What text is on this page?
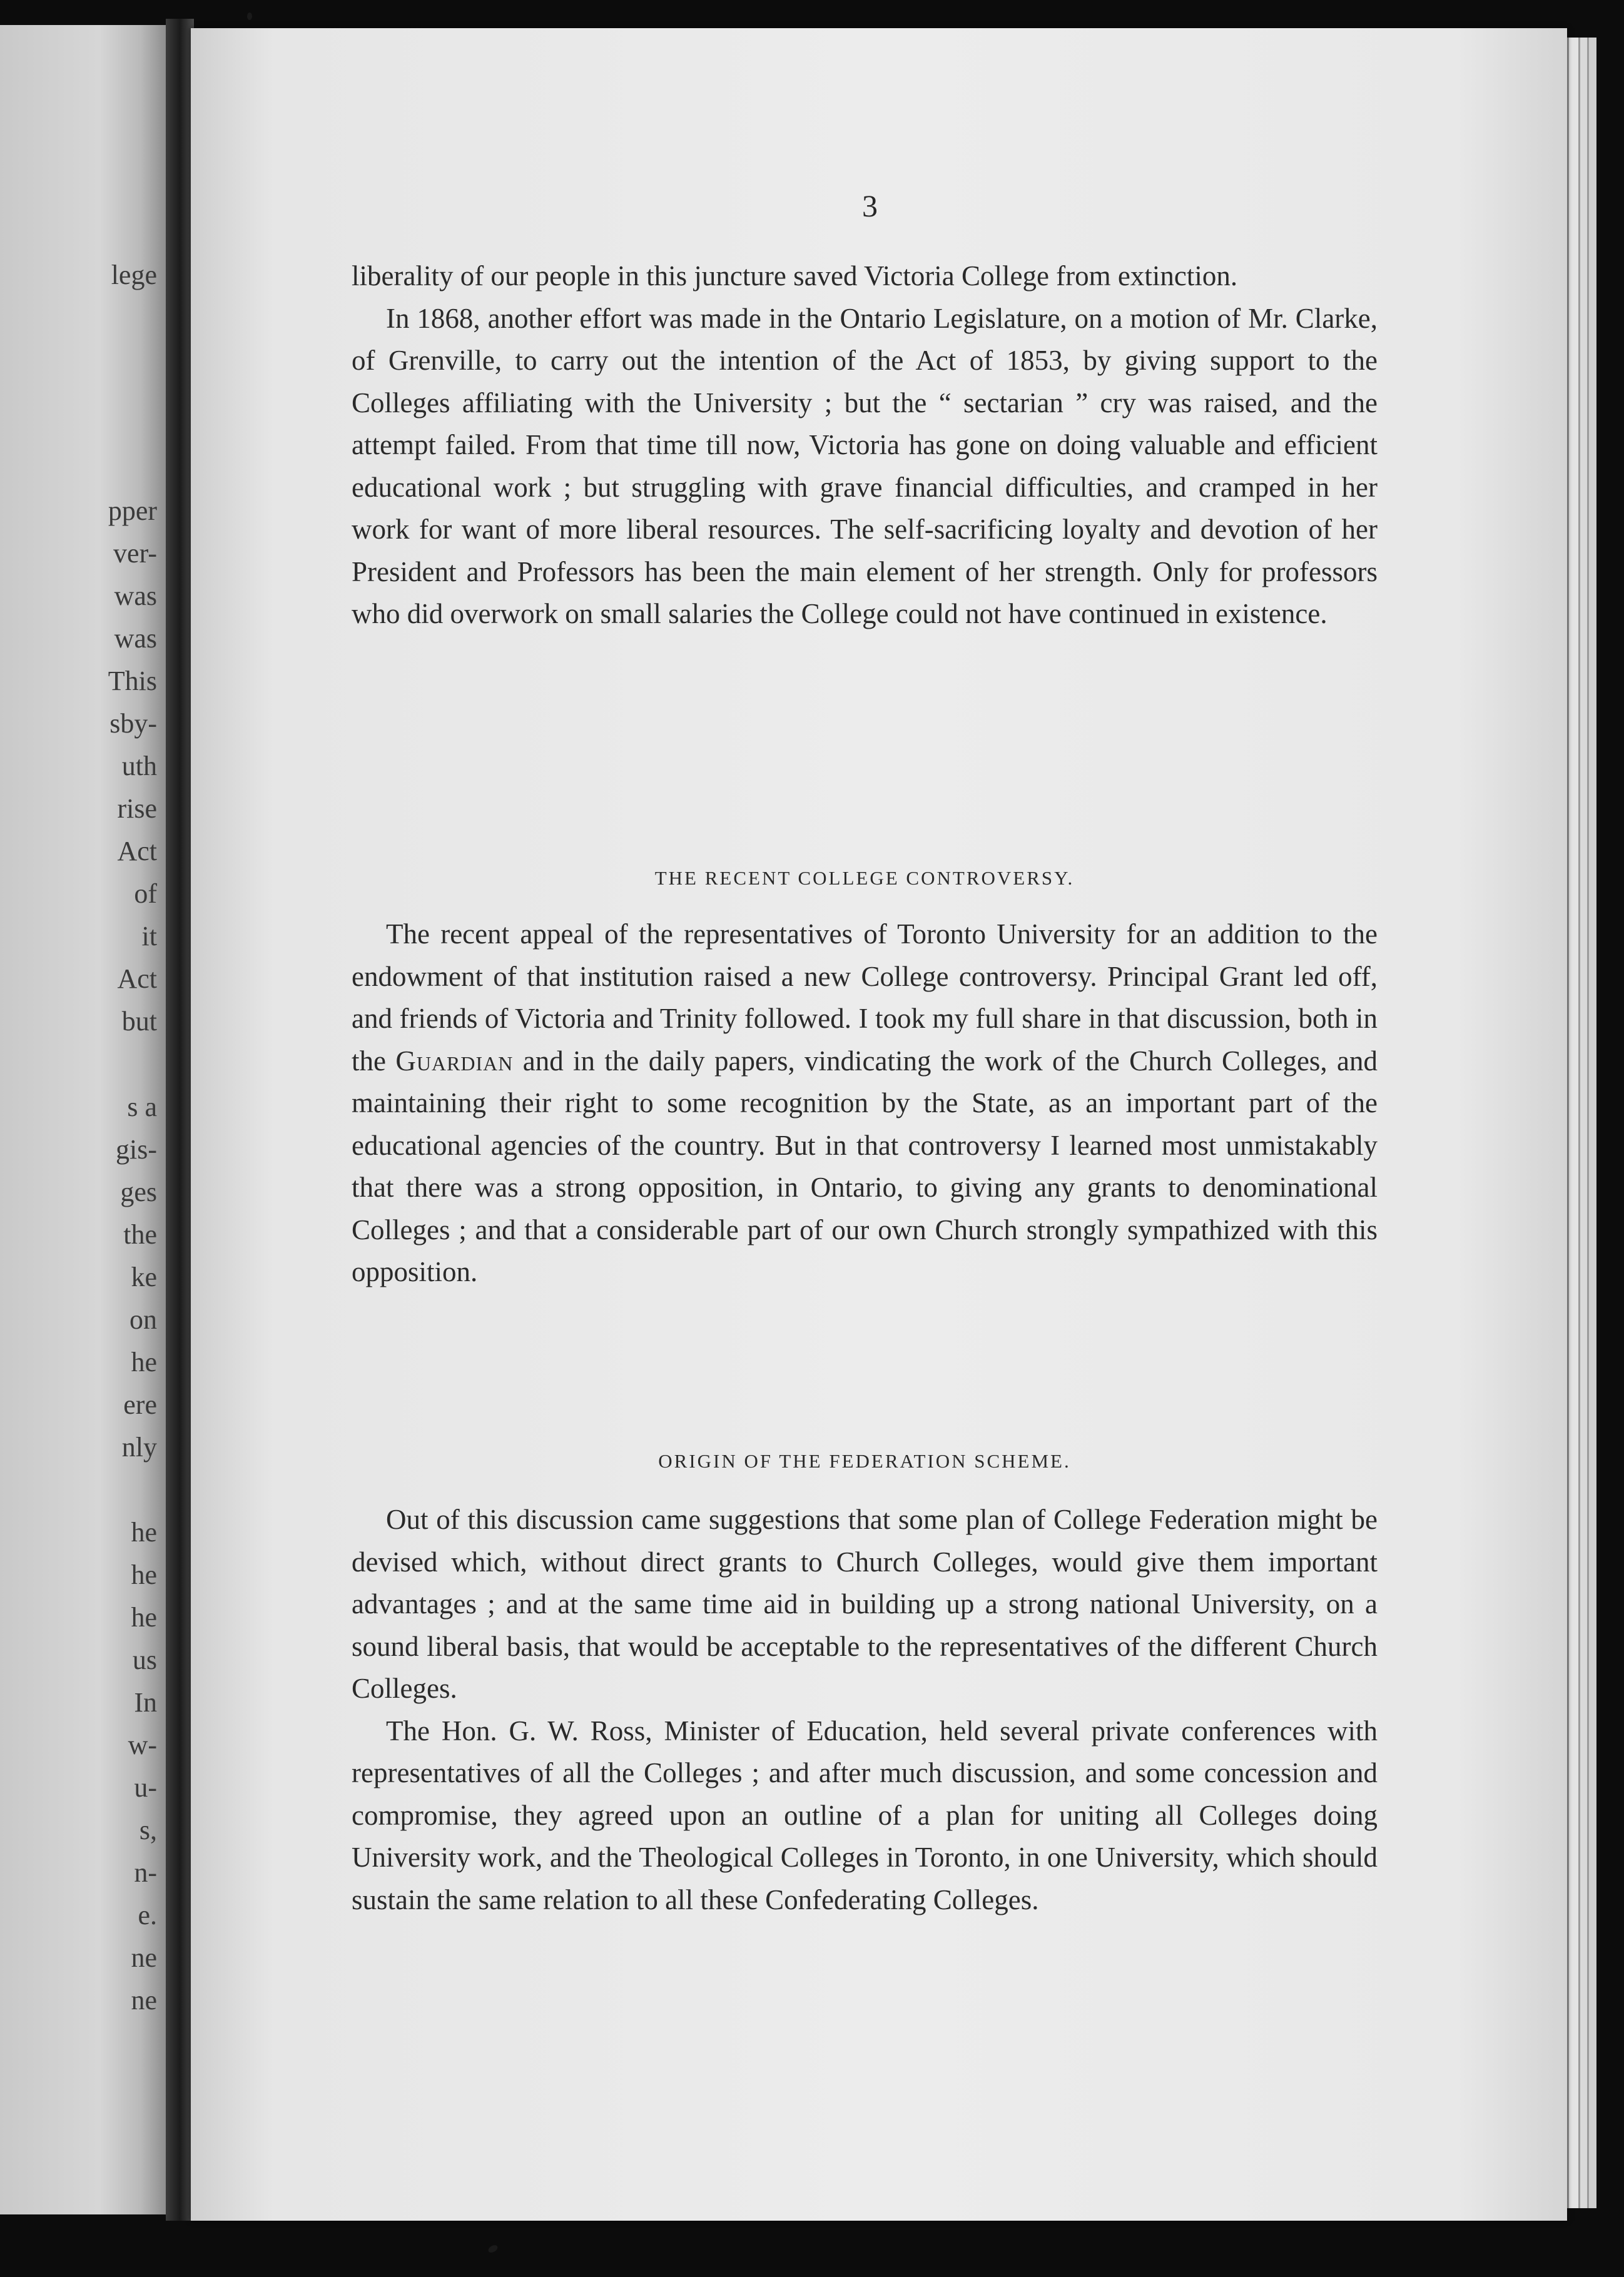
lege
pper
ver-
was
was
This
sby-
uth
rise
Act
of
it
Act
but
s a
gis-
ges
the
ke
on
he
ere
nly
he
he
he
us
In
w-
u-
s,
n-
e.
ne
ne
3

liberality of our people in this juncture saved Victoria College from extinction.

In 1868, another effort was made in the Ontario Legislature, on a motion of Mr. Clarke, of Grenville, to carry out the intention of the Act of 1853, by giving support to the Colleges affiliating with the University ; but the “ sectarian ” cry was raised, and the attempt failed. From that time till now, Victoria has gone on doing valuable and efficient educational work ; but struggling with grave financial difficulties, and cramped in her work for want of more liberal resources. The self-sacrificing loyalty and devotion of her President and Professors has been the main element of her strength. Only for professors who did overwork on small salaries the College could not have continued in existence.

THE RECENT COLLEGE CONTROVERSY.

The recent appeal of the representatives of Toronto University for an addition to the endowment of that institution raised a new College controversy. Principal Grant led off, and friends of Victoria and Trinity followed. I took my full share in that discussion, both in the Guardian and in the daily papers, vindicating the work of the Church Colleges, and maintaining their right to some recognition by the State, as an important part of the educational agencies of the country. But in that controversy I learned most unmistakably that there was a strong opposition, in Ontario, to giving any grants to denominational Colleges ; and that a considerable part of our own Church strongly sympathized with this opposition.

ORIGIN OF THE FEDERATION SCHEME.

Out of this discussion came suggestions that some plan of College Federation might be devised which, without direct grants to Church Colleges, would give them important advantages ; and at the same time aid in building up a strong national University, on a sound liberal basis, that would be acceptable to the representatives of the different Church Colleges.

The Hon. G. W. Ross, Minister of Education, held several private conferences with representatives of all the Colleges ; and after much discussion, and some concession and compromise, they agreed upon an outline of a plan for uniting all Colleges doing University work, and the Theological Colleges in Toronto, in one University, which should sustain the same relation to all these Confederating Colleges.
